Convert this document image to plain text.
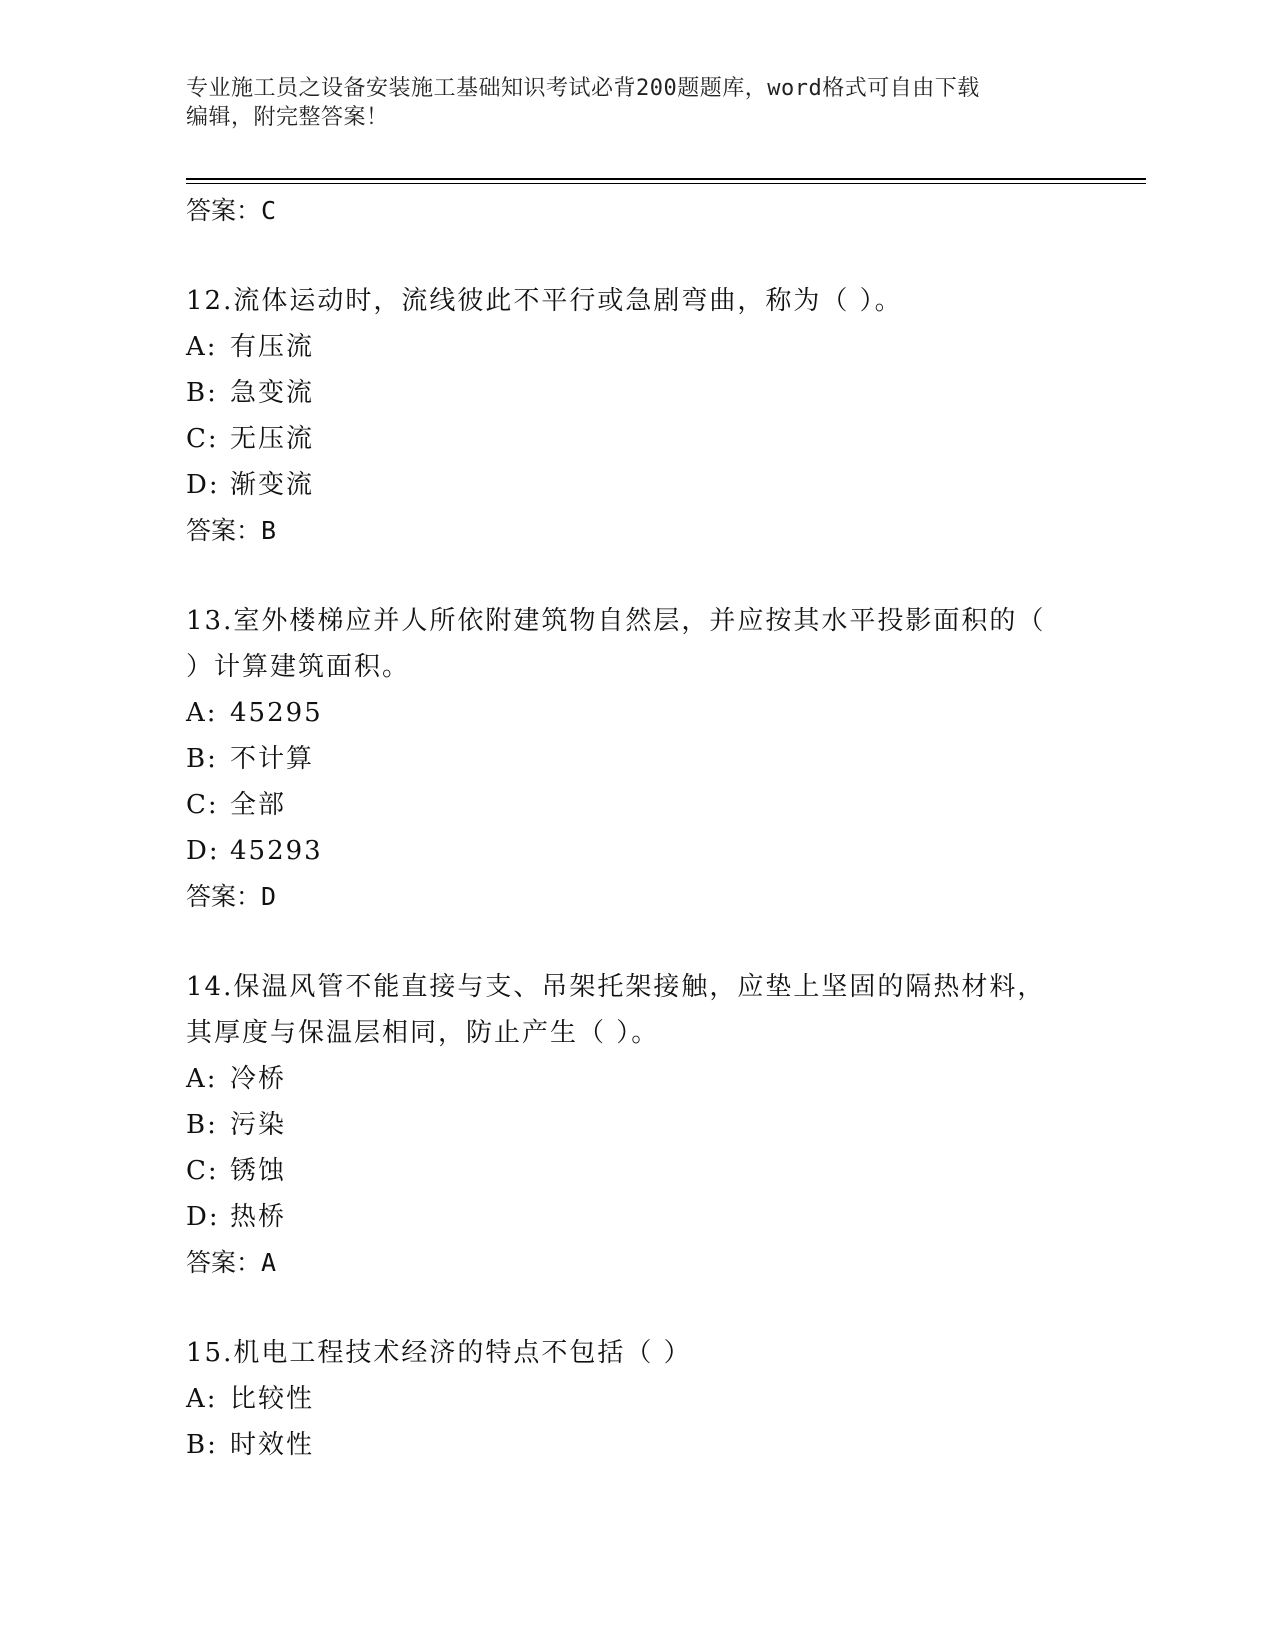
专业施工员之设备安装施工基础知识考试必背200题题库，word格式可自由下载
编辑，附完整答案！
答案：C
12.流体运动时，流线彼此不平行或急剧弯曲，称为（ ）。
A: 有压流
B: 急变流
C: 无压流
D: 渐变流
答案：B
13.室外楼梯应并人所依附建筑物自然层，并应按其水平投影面积的（
）计算建筑面积。
A: 45295
B: 不计算
C: 全部
D: 45293
答案：D
14.保温风管不能直接与支、吊架托架接触，应垫上坚固的隔热材料，
其厚度与保温层相同，防止产生（ ）。
A: 冷桥
B: 污染
C: 锈蚀
D: 热桥
答案：A
15.机电工程技术经济的特点不包括（ ）
A: 比较性
B: 时效性
